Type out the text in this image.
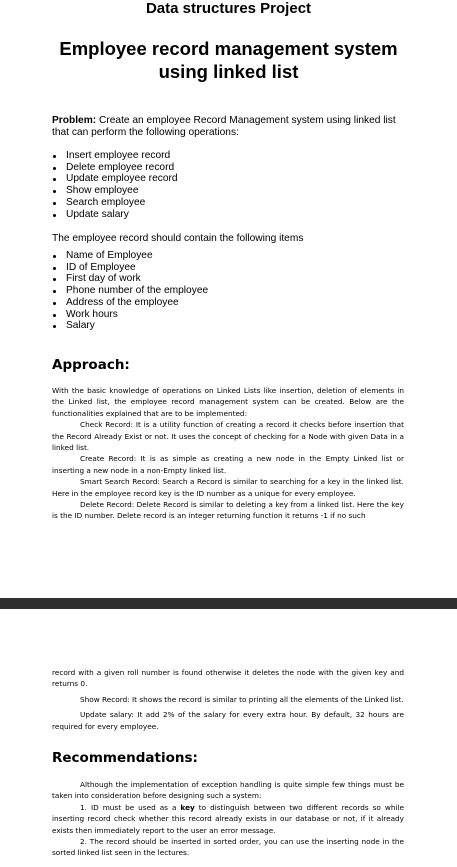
Data structures Project
Employee record management system using linked list
Problem: Create an employee Record Management system using linked list that can perform the following operations:
Insert employee record
Delete employee record
Update employee record
Show employee
Search employee
Update salary
The employee record should contain the following items
Name of Employee
ID of Employee
First day of work
Phone number of the employee
Address of the employee
Work hours
Salary
Approach:

With the basic knowledge of operations on Linked Lists like insertion, deletion of elements in the Linked list, the employee record management system can be created. Below are the functionalities explained that are to be implemented:

Check Record: It is a utility function of creating a record it checks before insertion that the Record Already Exist or not. It uses the concept of checking for a Node with given Data in a linked list.

Create Record: It is as simple as creating a new node in the Empty Linked list or inserting a new node in a non-Empty linked list.

Smart Search Record: Search a Record is similar to searching for a key in the linked list. Here in the employee record key is the ID number as a unique for every employee.

Delete Record: Delete Record is similar to deleting a key from a linked list. Here the key is the ID number. Delete record is an integer returning function it returns -1 if no such

record with a given roll number is found otherwise it deletes the node with the given key and returns 0.

Show Record: It shows the record is similar to printing all the elements of the Linked list.

Update salary: It add 2% of the salary for every extra hour. By default, 32 hours are required for every employee.

Recommendations:

Although the implementation of exception handling is quite simple few things must be taken into consideration before designing such a system:

1. ID must be used as a key to distinguish between two different records so while inserting record check whether this record already exists in our database or not, if it already exists then immediately report to the user an error message.

2. The record should be inserted in sorted order, you can use the inserting node in the sorted linked list seen in the lectures.
